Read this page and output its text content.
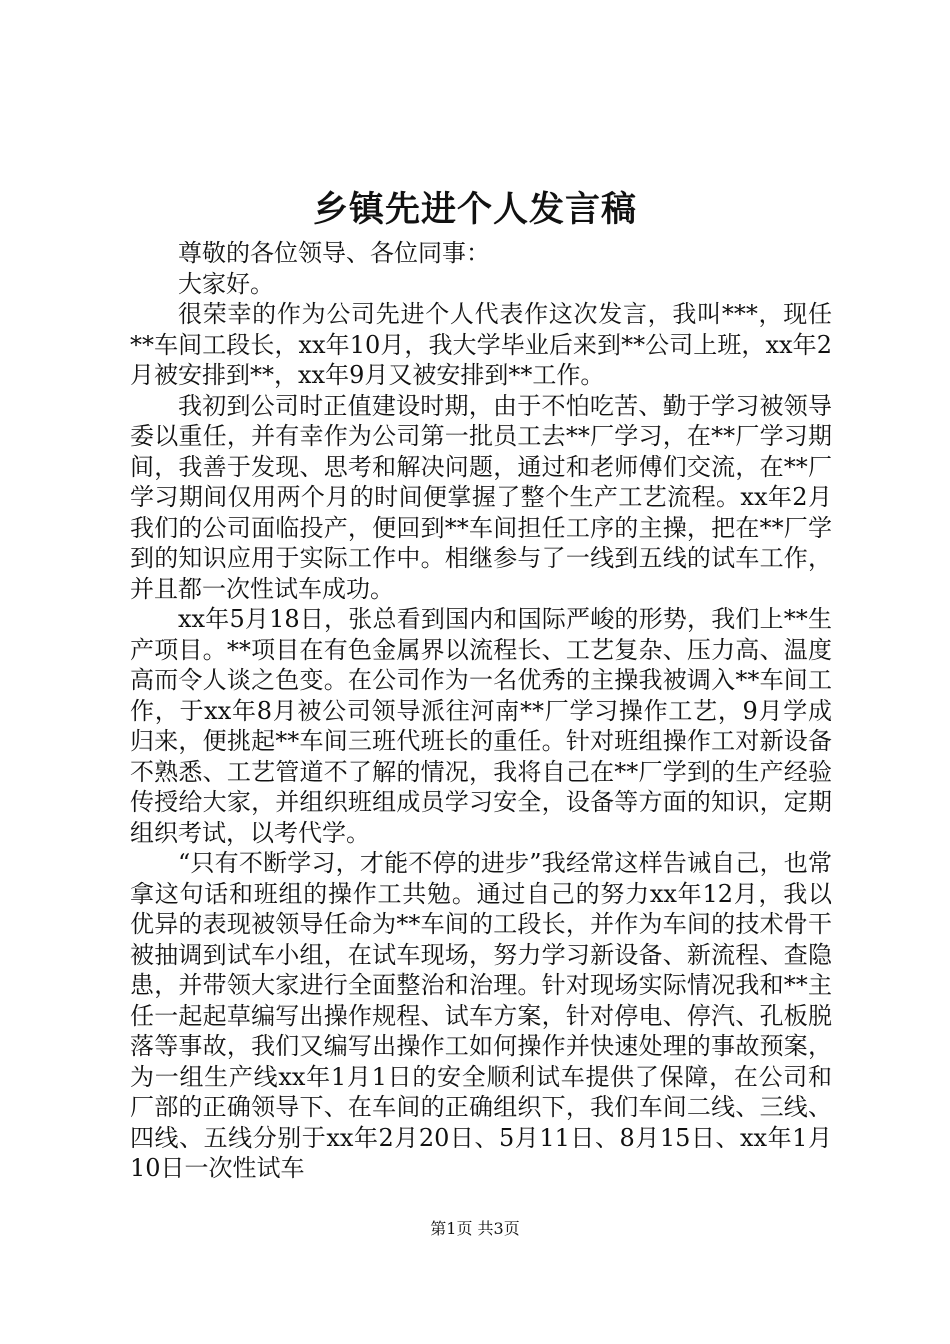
乡镇先进个人发言稿

尊敬的各位领导、各位同事：

大家好。

很荣幸的作为公司先进个人代表作这次发言，我叫***，现任**车间工段长，xx年10月，我大学毕业后来到**公司上班，xx年2月被安排到**，xx年9月又被安排到**工作。

我初到公司时正值建设时期，由于不怕吃苦、勤于学习被领导委以重任，并有幸作为公司第一批员工去**厂学习，在**厂学习期间，我善于发现、思考和解决问题，通过和老师傅们交流，在**厂学习期间仅用两个月的时间便掌握了整个生产工艺流程。xx年2月我们的公司面临投产，便回到**车间担任工序的主操，把在**厂学到的知识应用于实际工作中。相继参与了一线到五线的试车工作，并且都一次性试车成功。

xx年5月18日，张总看到国内和国际严峻的形势，我们上**生产项目。**项目在有色金属界以流程长、工艺复杂、压力高、温度高而令人谈之色变。在公司作为一名优秀的主操我被调入**车间工作，于xx年8月被公司领导派往河南**厂学习操作工艺，9月学成归来，便挑起**车间三班代班长的重任。针对班组操作工对新设备不熟悉、工艺管道不了解的情况，我将自己在**厂学到的生产经验传授给大家，并组织班组成员学习安全，设备等方面的知识，定期组织考试，以考代学。

“只有不断学习，才能不停的进步”我经常这样告诫自己，也常拿这句话和班组的操作工共勉。通过自己的努力xx年12月，我以优异的表现被领导任命为**车间的工段长，并作为车间的技术骨干被抽调到试车小组，在试车现场，努力学习新设备、新流程、查隐患，并带领大家进行全面整治和治理。针对现场实际情况我和**主任一起起草编写出操作规程、试车方案，针对停电、停汽、孔板脱落等事故，我们又编写出操作工如何操作并快速处理的事故预案，为一组生产线xx年1月1日的安全顺利试车提供了保障，在公司和厂部的正确领导下、在车间的正确组织下，我们车间二线、三线、四线、五线分别于xx年2月20日、5月11日、8月15日、xx年1月10日一次性试车

第1页 共3页
